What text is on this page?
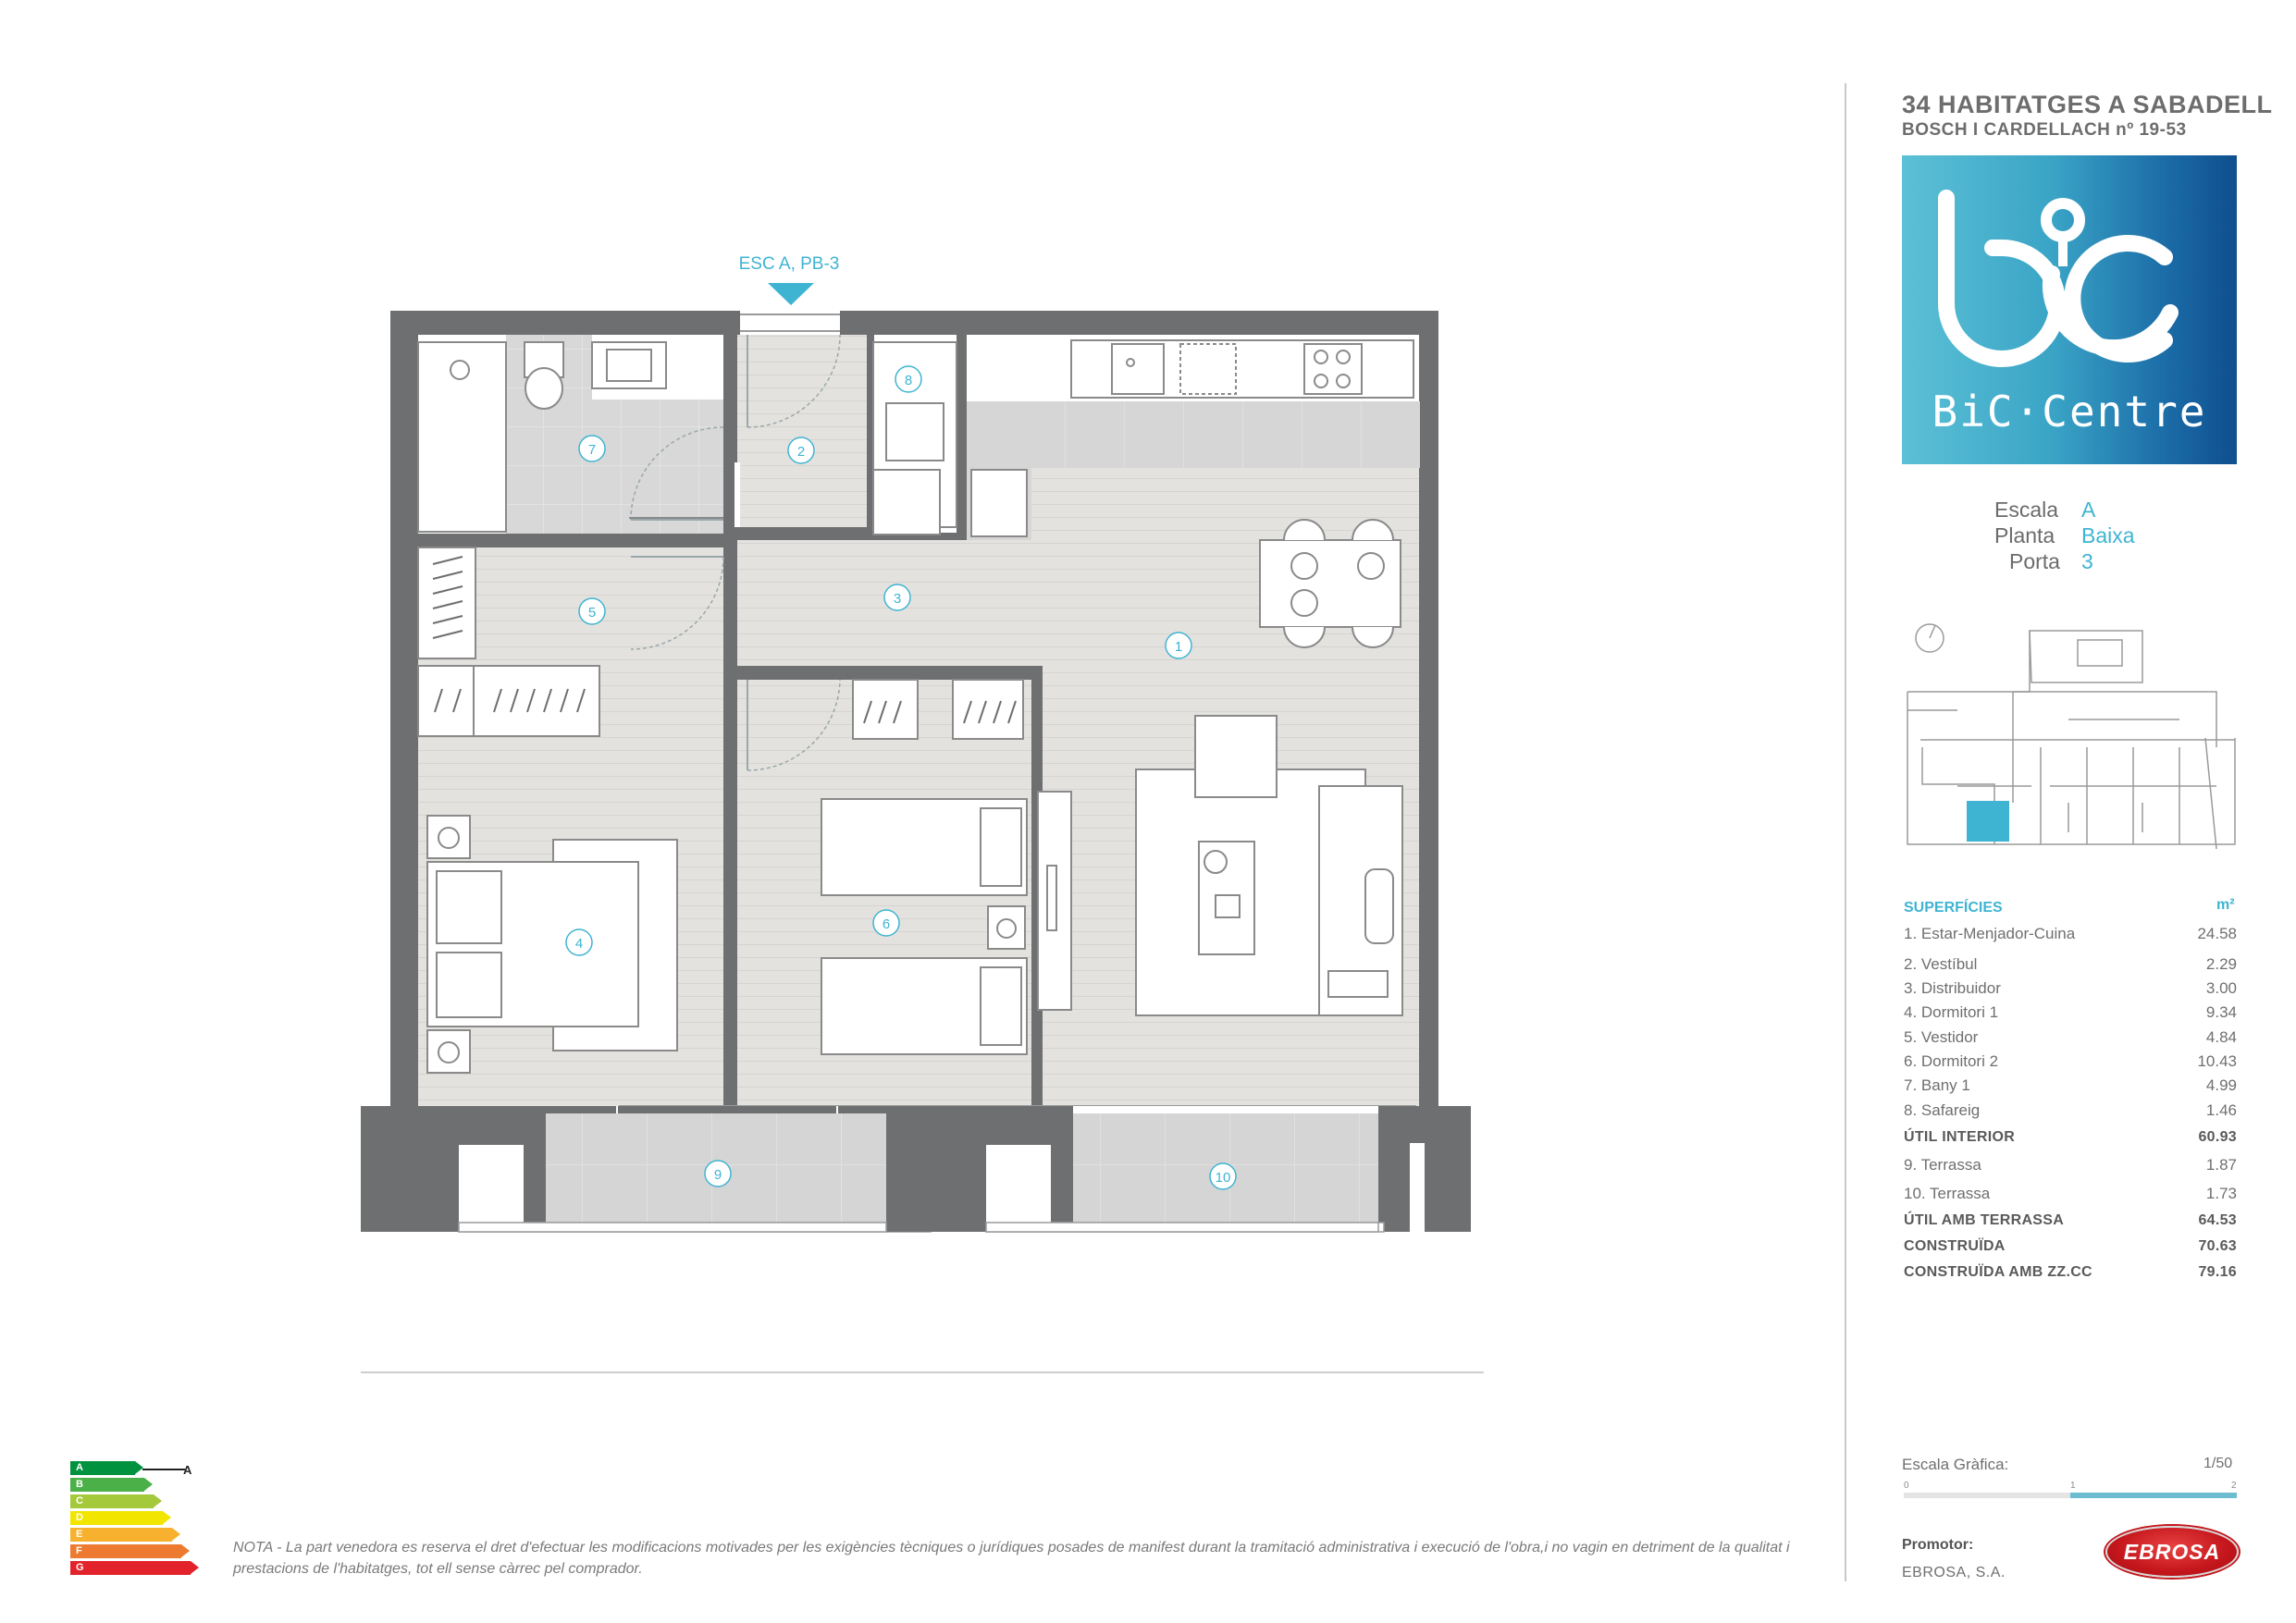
1
2
3
4
5
6
7
8
9	10
ESC A, PB-3
34 HABITATGES A SABADELL
BOSCH I CARDELLACH nº 19-53
BiC·Centre
Escala A
Planta Baixa
Porta 3
SUPERFÍCIES	m²
1. Estar-Menjador-Cuina	24.58
2. Vestíbul	2.29
3. Distribuidor	3.00
4. Dormitori 1	9.34
5. Vestidor	4.84
6. Dormitori 2	10.43
7. Bany 1	4.99
8. Safareig	1.46
ÚTIL INTERIOR	60.93
9. Terrassa	1.87
10. Terrassa	1.73
ÚTIL AMB TERRASSA	64.53
CONSTRUÏDA	70.63
CONSTRUÏDA AMB ZZ.CC	79.16
Escala Gràfica:	1/50
0	1	2
Promotor:
EBROSA, S.A.
EBROSA
NOTA - La part venedora es reserva el dret d'efectuar les modificacions motivades per les exigències tècniques o jurídiques posades de manifest durant la tramitació administrativa i execució de l'obra,i no vagin en detriment de la qualitat i prestacions de l'habitatges, tot ell sense càrrec pel comprador.
A
B
C
D
E
F
G
A
